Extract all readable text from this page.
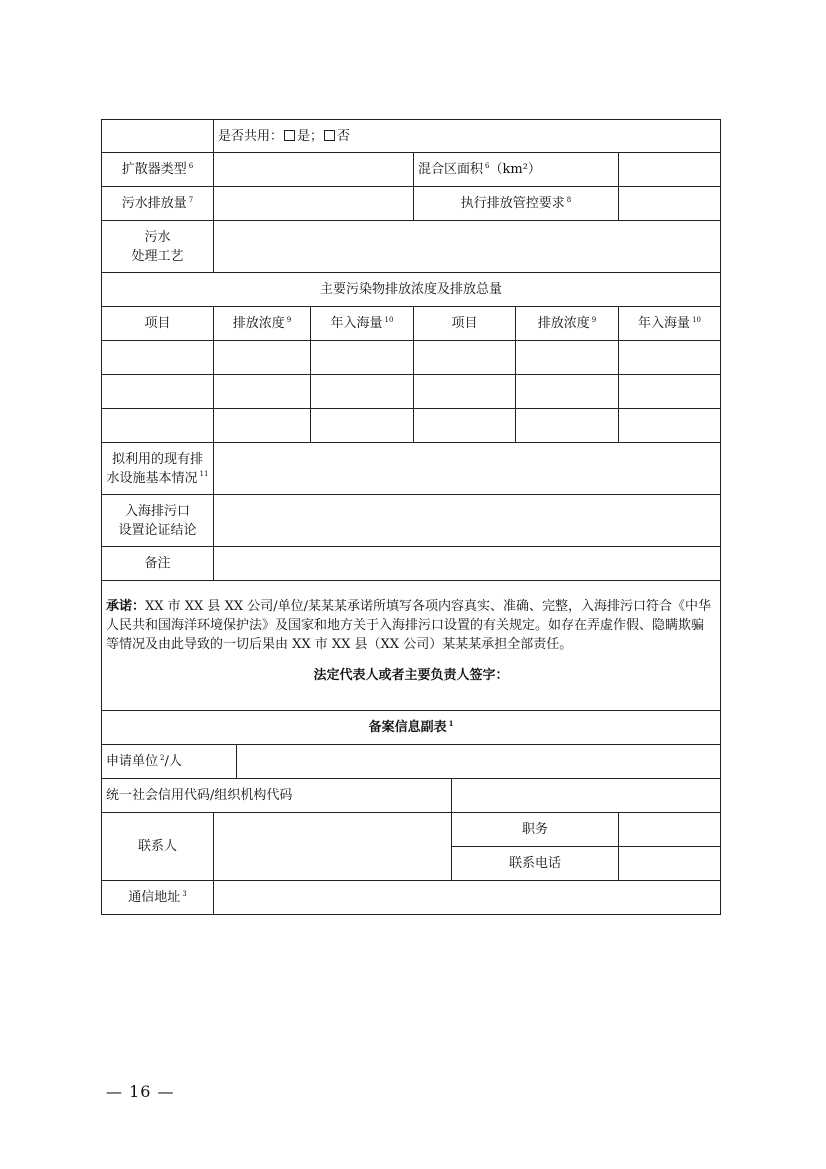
	是否共用： 是； 否						
扩散器类型 $^6$				混合区面积 $^6$（km²）			
污水排放量 $^7$				执行排放管控要求 $^8$	
污水
处理工艺							
主要污染物排放浓度及排放总量							
项目	排放浓度 $^9$		年入海量 $^{10}$	项目		排放浓度 $^9$	年入海量 $^{10}$

拟利用的现有排
水设施基本情况 $^{11}$	
入海排污口
设置论证结论							
备注							
承诺：XX 市 XX 县 XX 公司/单位/某某某承诺所填写各项内容真实、准确、完整，入海排污口符合《中华人民共和国海洋环境保护法》及国家和地方关于入海排污口设置的有关规定。如存在弄虚作假、隐瞒欺骗等情况及由此导致的一切后果由 XX 市 XX 县（XX 公司）某某某承担全部责任。
法定代表人或者主要负责人签字：							

备案信息副表 $^1$
申请单位 $^2$/人							
统一社会信用代码/组织机构代码							
联系人					职务		
					联系电话		
通信地址 $^3$	
— 16 —
